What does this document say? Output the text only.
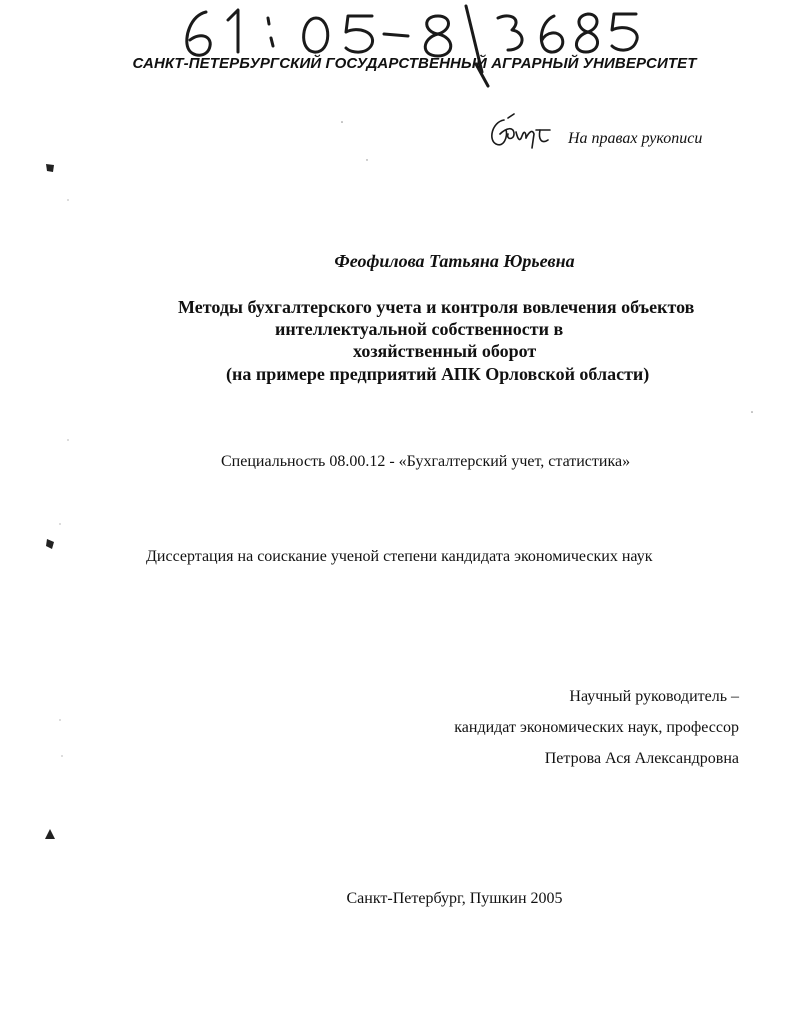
САНКТ-ПЕТЕРБУРГСКИЙ ГОСУДАРСТВЕННЫЙ АГРАРНЫЙ УНИВЕРСИТЕТ
На правах рукописи
Феофилова Татьяна Юрьевна
Методы бухгалтерского учета и контроля вовлечения объектов
интеллектуальной собственности в
хозяйственный оборот
(на примере предприятий АПК Орловской области)
Специальность 08.00.12 - «Бухгалтерский учет, статистика»
Диссертация на соискание ученой степени кандидата экономических наук
Научный руководитель –
кандидат экономических наук, профессор
Петрова Ася Александровна
Санкт-Петербург, Пушкин 2005
